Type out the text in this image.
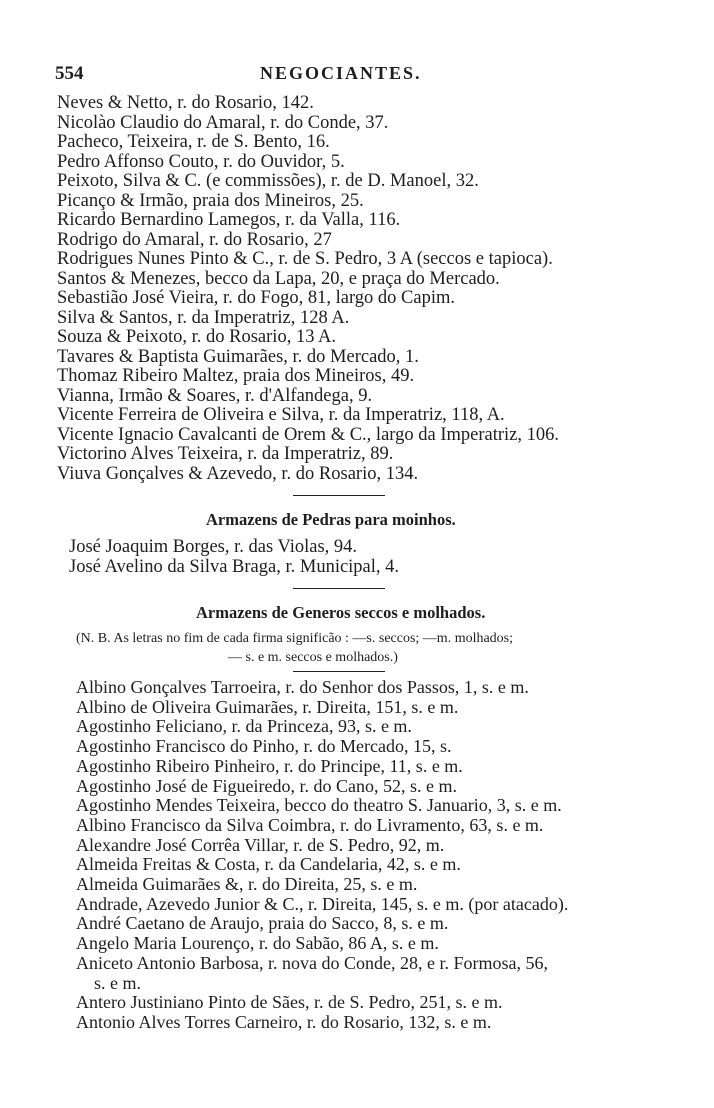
554	NEGOCIANTES.
Neves & Netto, r. do Rosario, 142.
Nicolào Claudio do Amaral, r. do Conde, 37.
Pacheco, Teixeira, r. de S. Bento, 16.
Pedro Affonso Couto, r. do Ouvidor, 5.
Peixoto, Silva & C. (e commissões), r. de D. Manoel, 32.
Picanço & Irmão, praia dos Mineiros, 25.
Ricardo Bernardino Lamegos, r. da Valla, 116.
Rodrigo do Amaral, r. do Rosario, 27
Rodrigues Nunes Pinto & C., r. de S. Pedro, 3 A (seccos e tapioca).
Santos & Menezes, becco da Lapa, 20, e praça do Mercado.
Sebastião José Vieira, r. do Fogo, 81, largo do Capim.
Silva & Santos, r. da Imperatriz, 128 A.
Souza & Peixoto, r. do Rosario, 13 A.
Tavares & Baptista Guimarães, r. do Mercado, 1.
Thomaz Ribeiro Maltez, praia dos Mineiros, 49.
Vianna, Irmão & Soares, r. d'Alfandega, 9.
Vicente Ferreira de Oliveira e Silva, r. da Imperatriz, 118, A.
Vicente Ignacio Cavalcanti de Orem & C., largo da Imperatriz, 106.
Victorino Alves Teixeira, r. da Imperatriz, 89.
Viuva Gonçalves & Azevedo, r. do Rosario, 134.
Armazens de Pedras para moinhos.
José Joaquim Borges, r. das Violas, 94.
José Avelino da Silva Braga, r. Municipal, 4.
Armazens de Generos seccos e molhados.
(N. B. As letras no fim de cada firma significão : —s. seccos; —m. molhados;
— s. e m. seccos e molhados.)
Albino Gonçalves Tarroeira, r. do Senhor dos Passos, 1, s. e m.
Albino de Oliveira Guimarães, r. Direita, 151, s. e m.
Agostinho Feliciano, r. da Princeza, 93, s. e m.
Agostinho Francisco do Pinho, r. do Mercado, 15, s.
Agostinho Ribeiro Pinheiro, r. do Principe, 11, s. e m.
Agostinho José de Figueiredo, r. do Cano, 52, s. e m.
Agostinho Mendes Teixeira, becco do theatro S. Januario, 3, s. e m.
Albino Francisco da Silva Coimbra, r. do Livramento, 63, s. e m.
Alexandre José Corrêa Villar, r. de S. Pedro, 92, m.
Almeida Freitas & Costa, r. da Candelaria, 42, s. e m.
Almeida Guimarães &, r. do Direita, 25, s. e m.
Andrade, Azevedo Junior & C., r. Direita, 145, s. e m. (por atacado).
André Caetano de Araujo, praia do Sacco, 8, s. e m.
Angelo Maria Lourenço, r. do Sabão, 86 A, s. e m.
Aniceto Antonio Barbosa, r. nova do Conde, 28, e r. Formosa, 56,
s. e m.
Antero Justiniano Pinto de Sães, r. de S. Pedro, 251, s. e m.
Antonio Alves Torres Carneiro, r. do Rosario, 132, s. e m.
